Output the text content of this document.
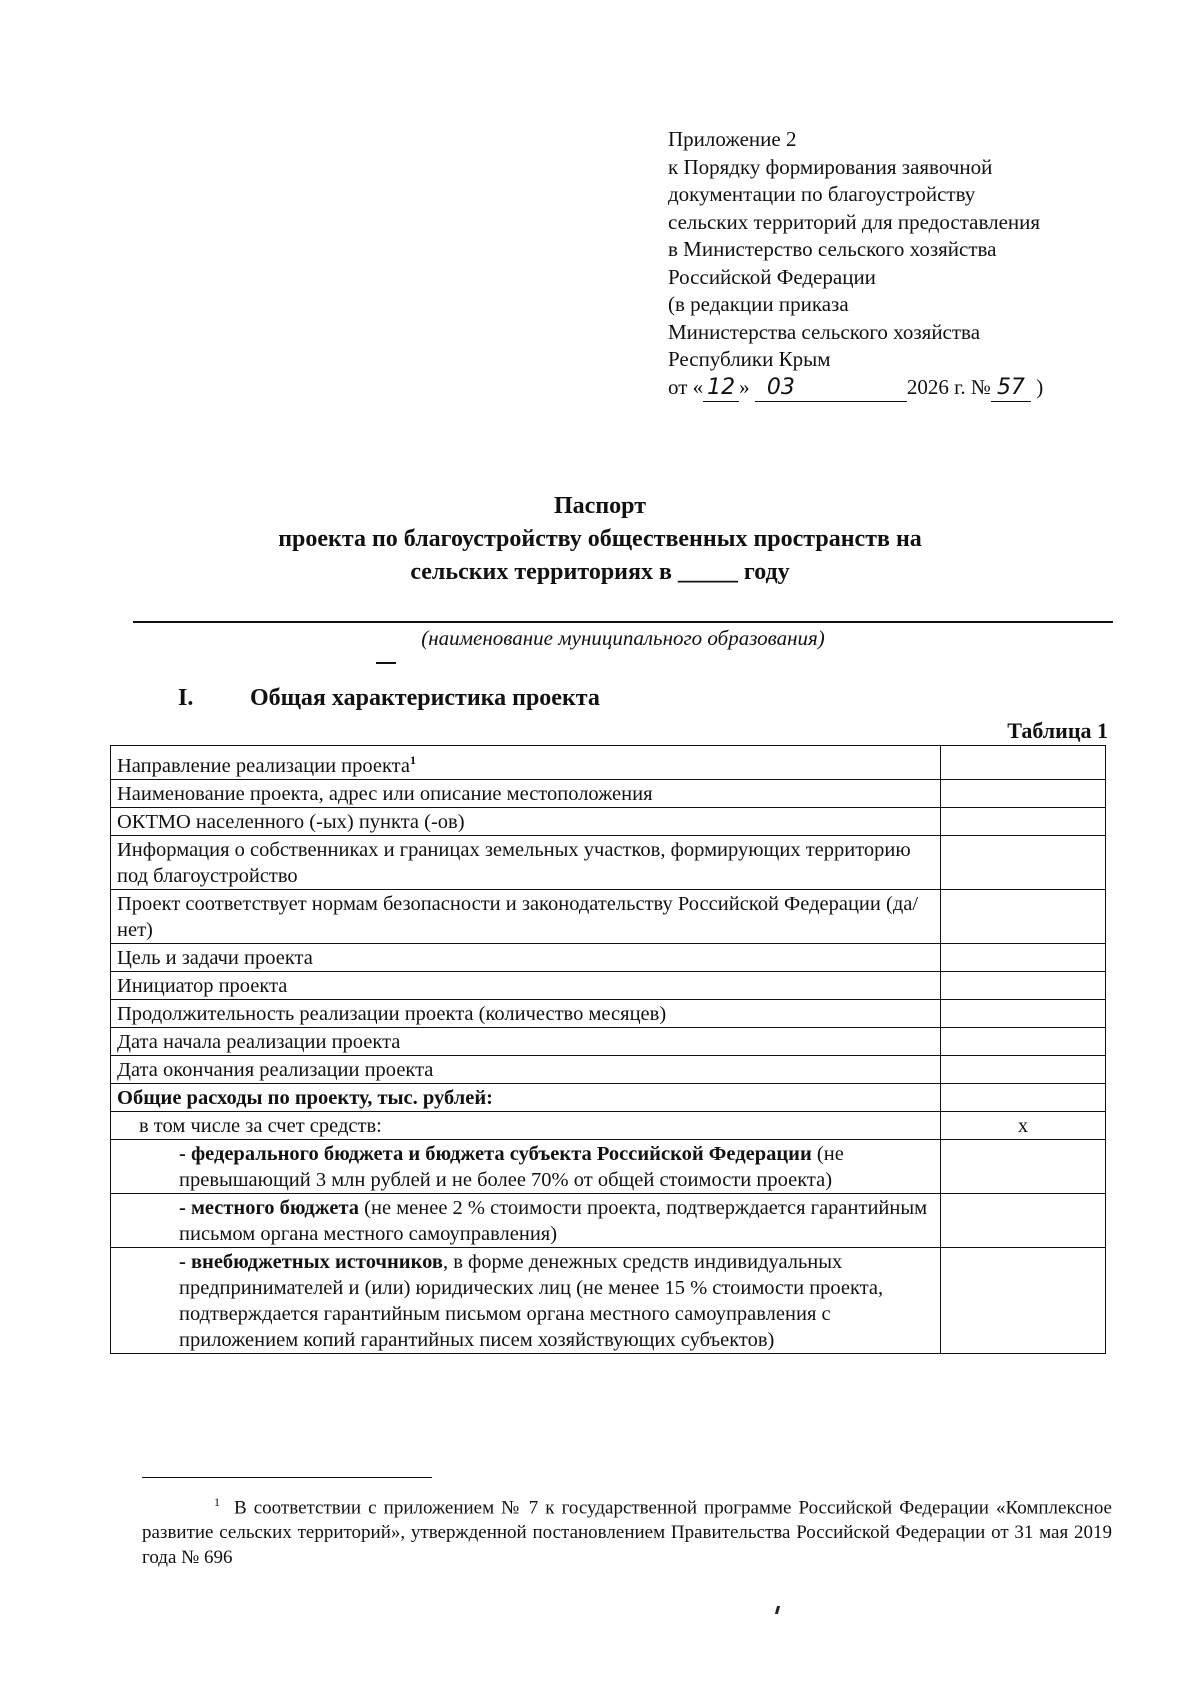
Приложение 2
к Порядку формирования заявочной
документации по благоустройству
сельских территорий для предоставления
в Министерство сельского хозяйства
Российской Федерации
(в редакции приказа
Министерства сельского хозяйства
Республики Крым
от « 12 » 03	2026 г. № 57 )
Паспорт
проекта по благоустройству общественных пространств на
сельских территориях в _____ году
(наименование муниципального образования)
I. Общая характеристика проекта
Таблица 1
Направление реализации проекта$^1$	
Наименование проекта, адрес или описание местоположения	
ОКТМО населенного (-ых) пункта (-ов)	
Информация о собственниках и границах земельных участков, формирующих территорию под благоустройство	
Проект соответствует нормам безопасности и законодательству Российской Федерации (да/нет)	
Цель и задачи проекта	
Инициатор проекта	
Продолжительность реализации проекта (количество месяцев)	
Дата начала реализации проекта	
Дата окончания реализации проекта	
Общие расходы по проекту, тыс. рублей:	
в том числе за счет средств:	x
- федерального бюджета и бюджета субъекта Российской Федерации (не превышающий 3 млн рублей и не более 70% от общей стоимости проекта)	
- местного бюджета (не менее 2 % стоимости проекта, подтверждается гарантийным письмом органа местного самоуправления)	
- внебюджетных источников, в форме денежных средств индивидуальных предпринимателей и (или) юридических лиц (не менее 15 % стоимости проекта, подтверждается гарантийным письмом органа местного самоуправления с приложением копий гарантийных писем хозяйствующих субъектов)	
$^1$ В соответствии с приложением № 7 к государственной программе Российской Федерации «Комплексное развитие сельских территорий», утвержденной постановлением Правительства Российской Федерации от 31 мая 2019 года № 696
